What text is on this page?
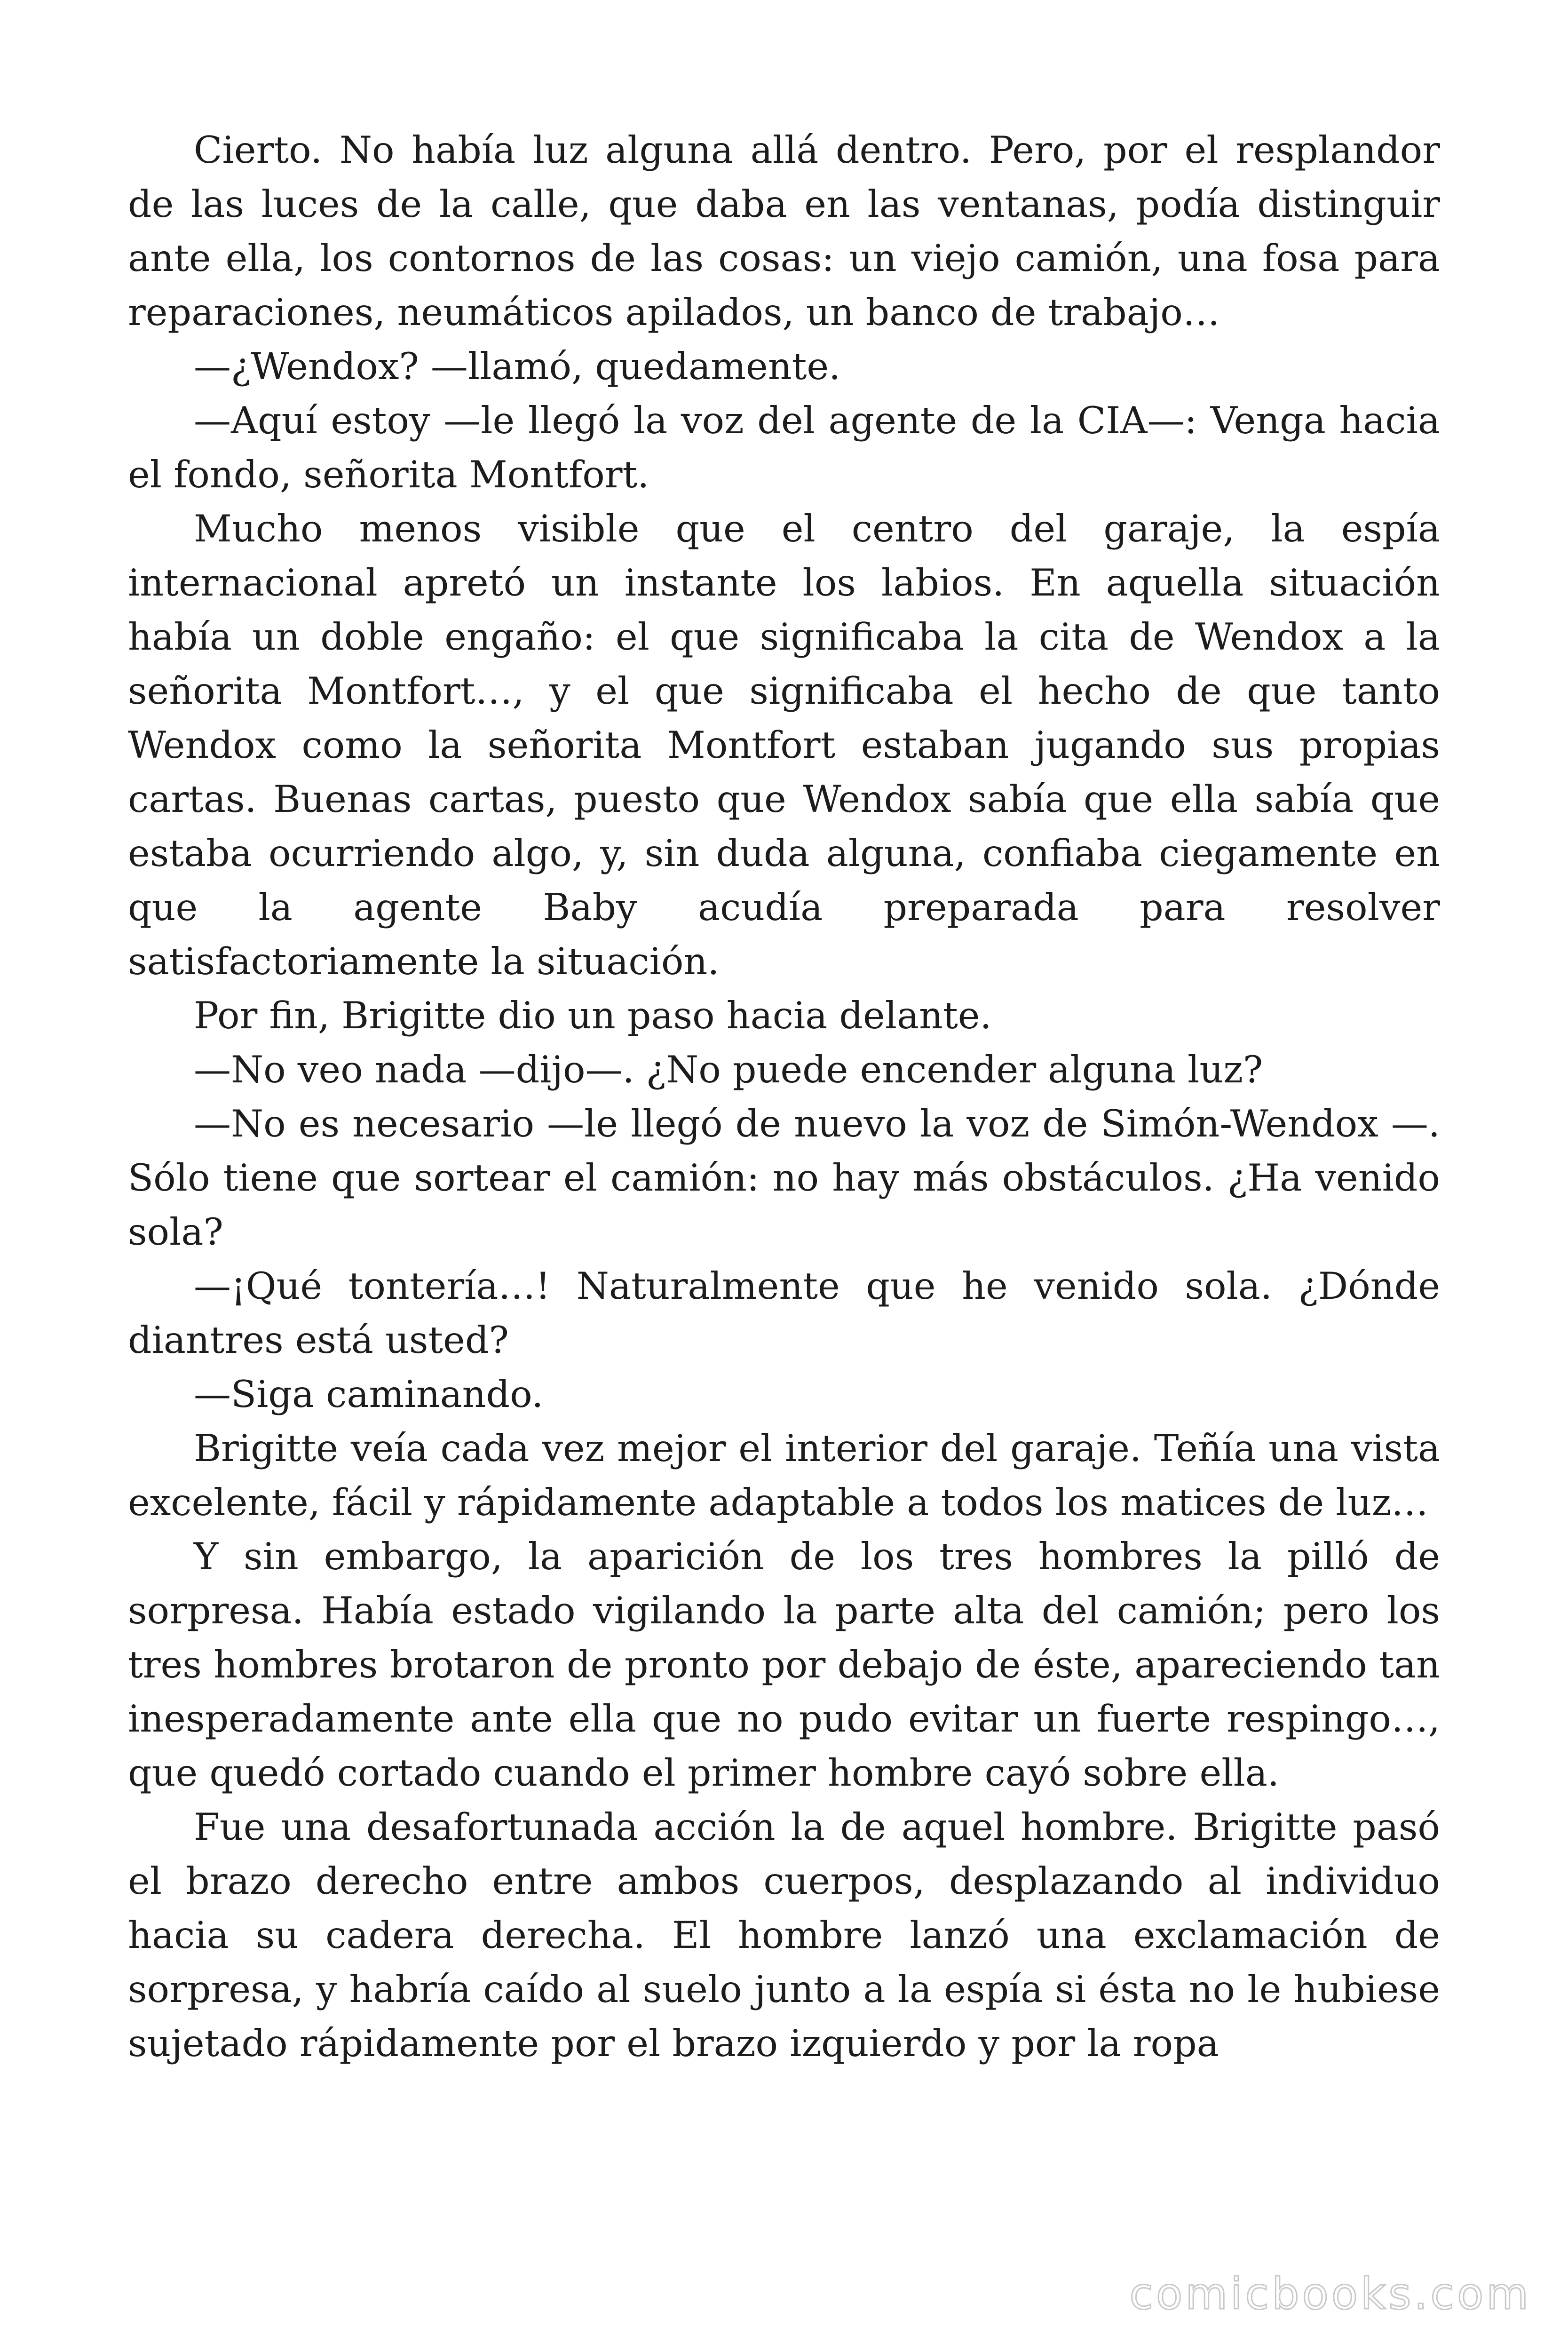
Cierto. No había luz alguna allá dentro. Pero, por el resplandor de las luces de la calle, que daba en las ventanas, podía distinguir ante ella, los contornos de las cosas: un viejo camión, una fosa para reparaciones, neumáticos apilados, un banco de trabajo…

—¿Wendox? —llamó, quedamente.

—Aquí estoy —le llegó la voz del agente de la CIA—: Venga hacia el fondo, señorita Montfort.

Mucho menos visible que el centro del garaje, la espía internacional apretó un instante los labios. En aquella situación había un doble engaño: el que significaba la cita de Wendox a la señorita Montfort…, y el que significaba el hecho de que tanto Wendox como la señorita Montfort estaban jugando sus propias cartas. Buenas cartas, puesto que Wendox sabía que ella sabía que estaba ocurriendo algo, y, sin duda alguna, confiaba ciegamente en que la agente Baby acudía preparada para resolver satisfactoriamente la situación.

Por fin, Brigitte dio un paso hacia delante.

—No veo nada —dijo—. ¿No puede encender alguna luz?

—No es necesario —le llegó de nuevo la voz de Simón-Wendox —. Sólo tiene que sortear el camión: no hay más obstáculos. ¿Ha venido sola?

—¡Qué tontería…! Naturalmente que he venido sola. ¿Dónde diantres está usted?

—Siga caminando.

Brigitte veía cada vez mejor el interior del garaje. Teñía una vista excelente, fácil y rápidamente adaptable a todos los matices de luz…

Y sin embargo, la aparición de los tres hombres la pilló de sorpresa. Había estado vigilando la parte alta del camión; pero los tres hombres brotaron de pronto por debajo de éste, apareciendo tan inesperadamente ante ella que no pudo evitar un fuerte respingo…, que quedó cortado cuando el primer hombre cayó sobre ella.

Fue una desafortunada acción la de aquel hombre. Brigitte pasó el brazo derecho entre ambos cuerpos, desplazando al individuo hacia su cadera derecha. El hombre lanzó una exclamación de sorpresa, y habría caído al suelo junto a la espía si ésta no le hubiese sujetado rápidamente por el brazo izquierdo y por la ropa

comicbooks.com
